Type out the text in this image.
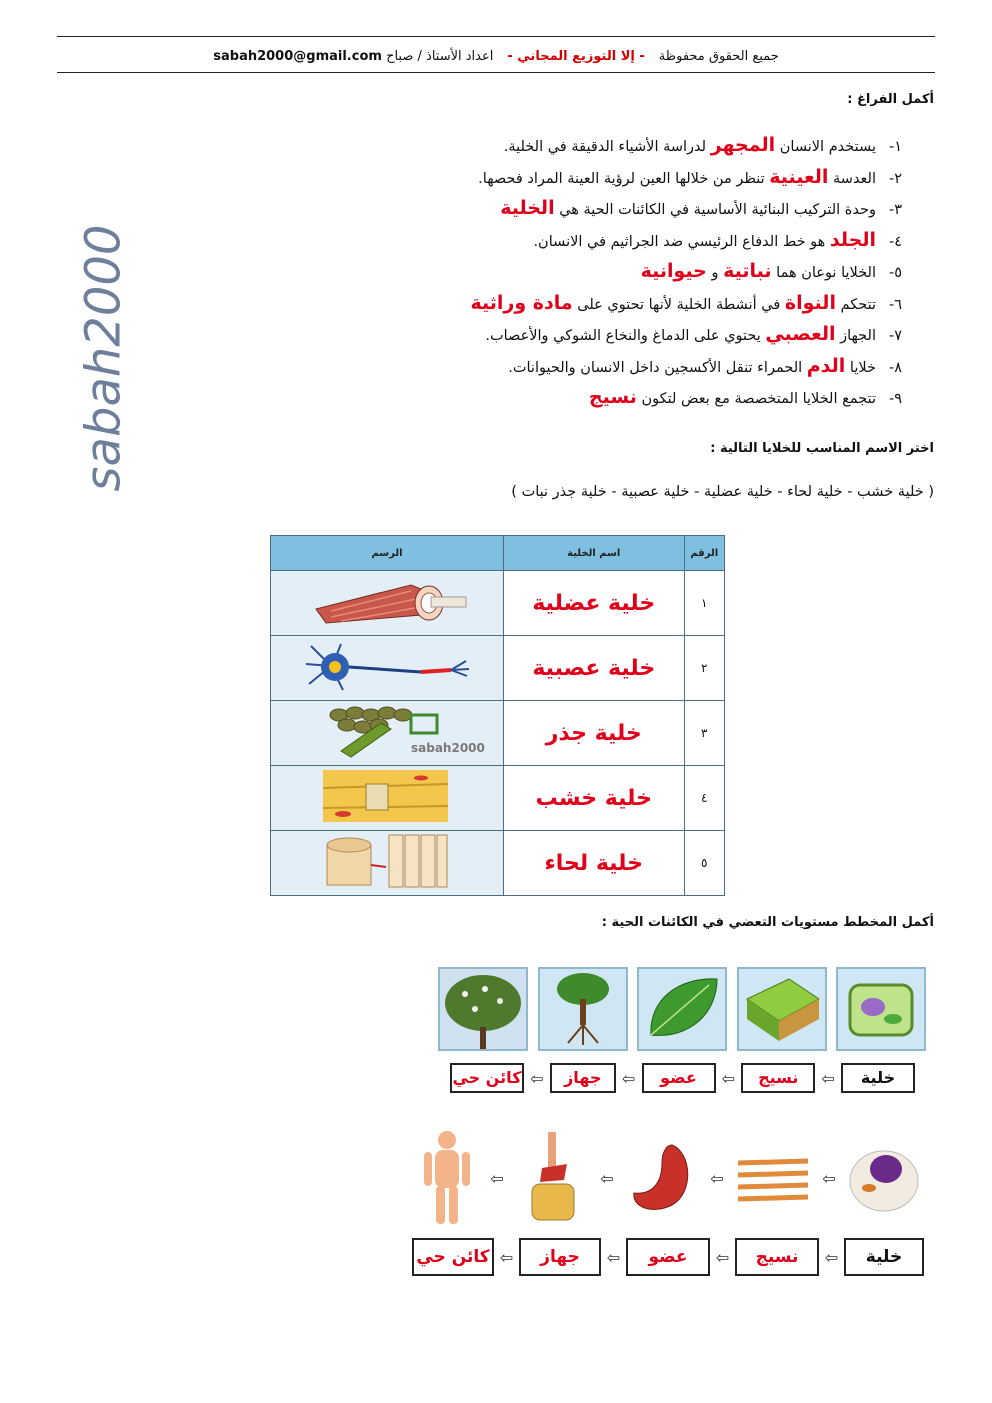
جميع الحقوق محفوظة
- إلا التوزيع المجاني -
اعداد الأستاذ / صباح sabah2000@gmail.com
sabah2000
أكمل الفراغ :
١-يستخدم الانسان المجهر لدراسة الأشياء الدقيقة في الخلية.
٢-العدسة العينية تنظر من خلالها العين لرؤية العينة المراد فحصها.
٣-وحدة التركيب البنائية الأساسية في الكائنات الحية هي الخلية
٤-الجلد هو خط الدفاع الرئيسي ضد الجراثيم في الانسان.
٥-الخلايا نوعان هما نباتية و حيوانية
٦-تتحكم النواة في أنشطة الخلية لأنها تحتوي على مادة وراثية
٧-الجهاز العصبي يحتوي على الدماغ والنخاع الشوكي والأعصاب.
٨-خلايا الدم الحمراء تنقل الأكسجين داخل الانسان والحيوانات.
٩-تتجمع الخلايا المتخصصة مع بعض لتكون نسيج
اختر الاسم المناسب للخلايا التالية :
( خلية خشب - خلية لحاء - خلية عضلية - خلية عصبية - خلية جذر نبات )
الرقم	اسم الخلية	الرسم
١	خلية عضلية	
٢	خلية عصبية	
٣	خلية جذر	sabah2000

٤	خلية خشب	
٥	خلية لحاء	
أكمل المخطط مستويات التعضي في الكائنات الحية :
خلية
⇦
نسيج
⇦
عضو
⇦
جهاز
⇦
كائن حي
⇦
⇦
⇦
⇦
خلية
⇦
نسيج
⇦
عضو
⇦
جهاز
⇦
كائن حي
